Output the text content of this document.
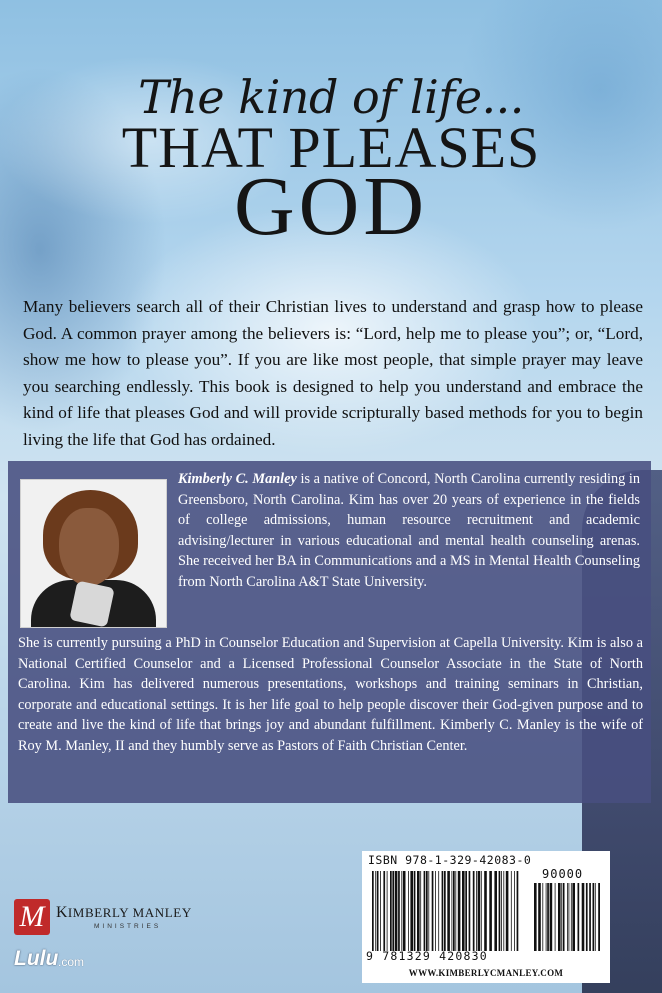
The kind of life...
THAT PLEASES
GOD
Many believers search all of their Christian lives to understand and grasp how to please God. A common prayer among the believers is: “Lord, help me to please you”; or, “Lord, show me how to please you”. If you are like most people, that simple prayer may leave you searching endlessly. This book is designed to help you understand and embrace the kind of life that pleases God and will provide scripturally based methods for you to begin living the life that God has ordained.
Kimberly C. Manley is a native of Concord, North Carolina currently residing in Greensboro, North Carolina. Kim has over 20 years of experience in the fields of college admissions, human resource recruitment and academic advising/lecturer in various educational and mental health counseling arenas. She received her BA in Communications and a MS in Mental Health Counseling from North Carolina A&T State University.
She is currently pursuing a PhD in Counselor Education and Supervision at Capella University. Kim is also a National Certified Counselor and a Licensed Professional Counselor Associate in the State of North Carolina. Kim has delivered numerous presentations, workshops and training seminars in Christian, corporate and educational settings. It is her life goal to help people discover their God-given purpose and to create and live the kind of life that brings joy and abundant fulfillment. Kimberly C. Manley is the wife of Roy M. Manley, II and they humbly serve as Pastors of Faith Christian Center.
ISBN 978-1-329-42083-0
90000
9 781329 420830
WWW.KIMBERLYCMANLEY.COM
M KIMBERLY MANLEY
MINISTRIES
Lulu .com
